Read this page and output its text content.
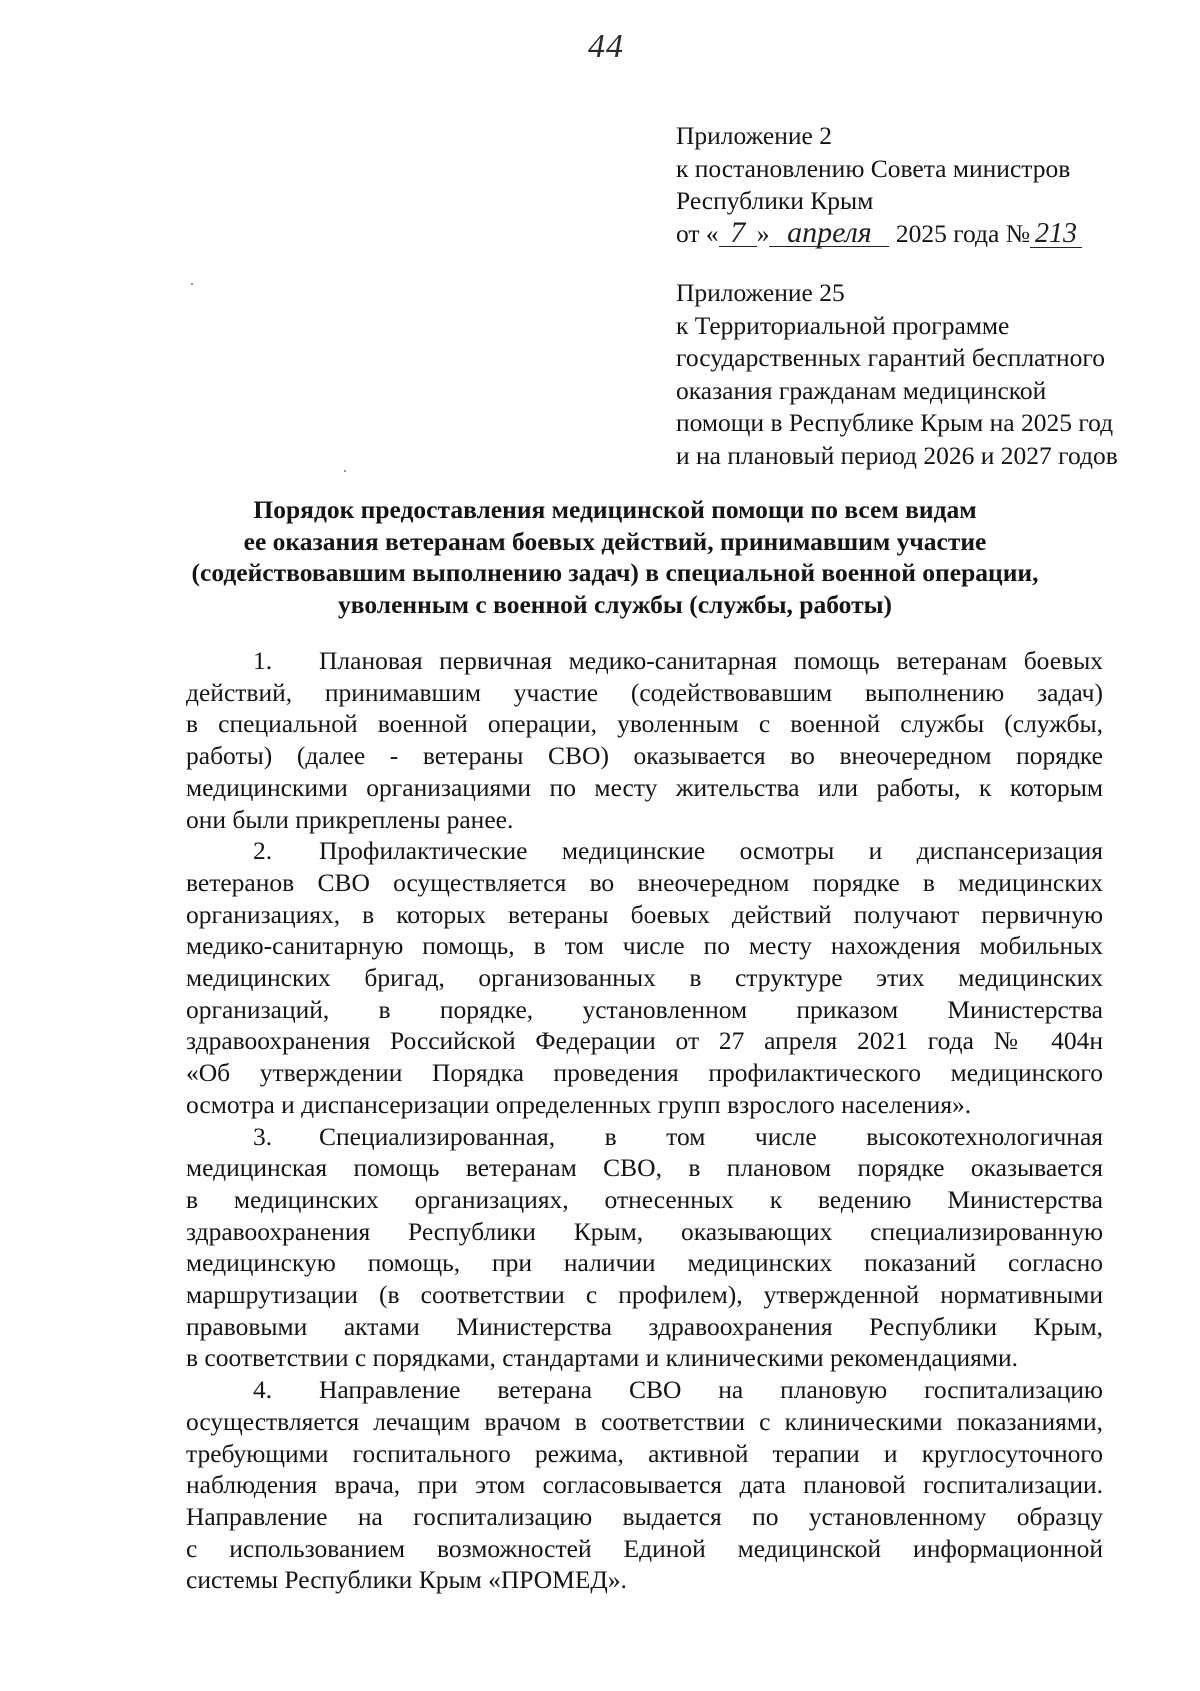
44
Приложение 2
к постановлению Совета министров
Республики Крым
от « 7 » апреля 2025 года № 213
Приложение 25
к Территориальной программе
государственных гарантий бесплатного
оказания гражданам медицинской
помощи в Республике Крым на 2025 год
и на плановый период 2026 и 2027 годов
Порядок предоставления медицинской помощи по всем видам
ее оказания ветеранам боевых действий, принимавшим участие
(содействовавшим выполнению задач) в специальной военной операции,
уволенным с военной службы (службы, работы)
1. Плановая первичная медико-санитарная помощь ветеранам боевых
действий, принимавшим участие (содействовавшим выполнению задач)
в специальной военной операции, уволенным с военной службы (службы,
работы) (далее - ветераны СВО) оказывается во внеочередном порядке
медицинскими организациями по месту жительства или работы, к которым
они были прикреплены ранее.
2. Профилактические медицинские осмотры и диспансеризация
ветеранов СВО осуществляется во внеочередном порядке в медицинских
организациях, в которых ветераны боевых действий получают первичную
медико-санитарную помощь, в том числе по месту нахождения мобильных
медицинских бригад, организованных в структуре этих медицинских
организаций, в порядке, установленном приказом Министерства
здравоохранения Российской Федерации от 27 апреля 2021 года № 404н
«Об утверждении Порядка проведения профилактического медицинского
осмотра и диспансеризации определенных групп взрослого населения».
3. Специализированная, в том числе высокотехнологичная
медицинская помощь ветеранам СВО, в плановом порядке оказывается
в медицинских организациях, отнесенных к ведению Министерства
здравоохранения Республики Крым, оказывающих специализированную
медицинскую помощь, при наличии медицинских показаний согласно
маршрутизации (в соответствии с профилем), утвержденной нормативными
правовыми актами Министерства здравоохранения Республики Крым,
в соответствии с порядками, стандартами и клиническими рекомендациями.
4. Направление ветерана СВО на плановую госпитализацию
осуществляется лечащим врачом в соответствии с клиническими показаниями,
требующими госпитального режима, активной терапии и круглосуточного
наблюдения врача, при этом согласовывается дата плановой госпитализации.
Направление на госпитализацию выдается по установленному образцу
с использованием возможностей Единой медицинской информационной
системы Республики Крым «ПРОМЕД».
